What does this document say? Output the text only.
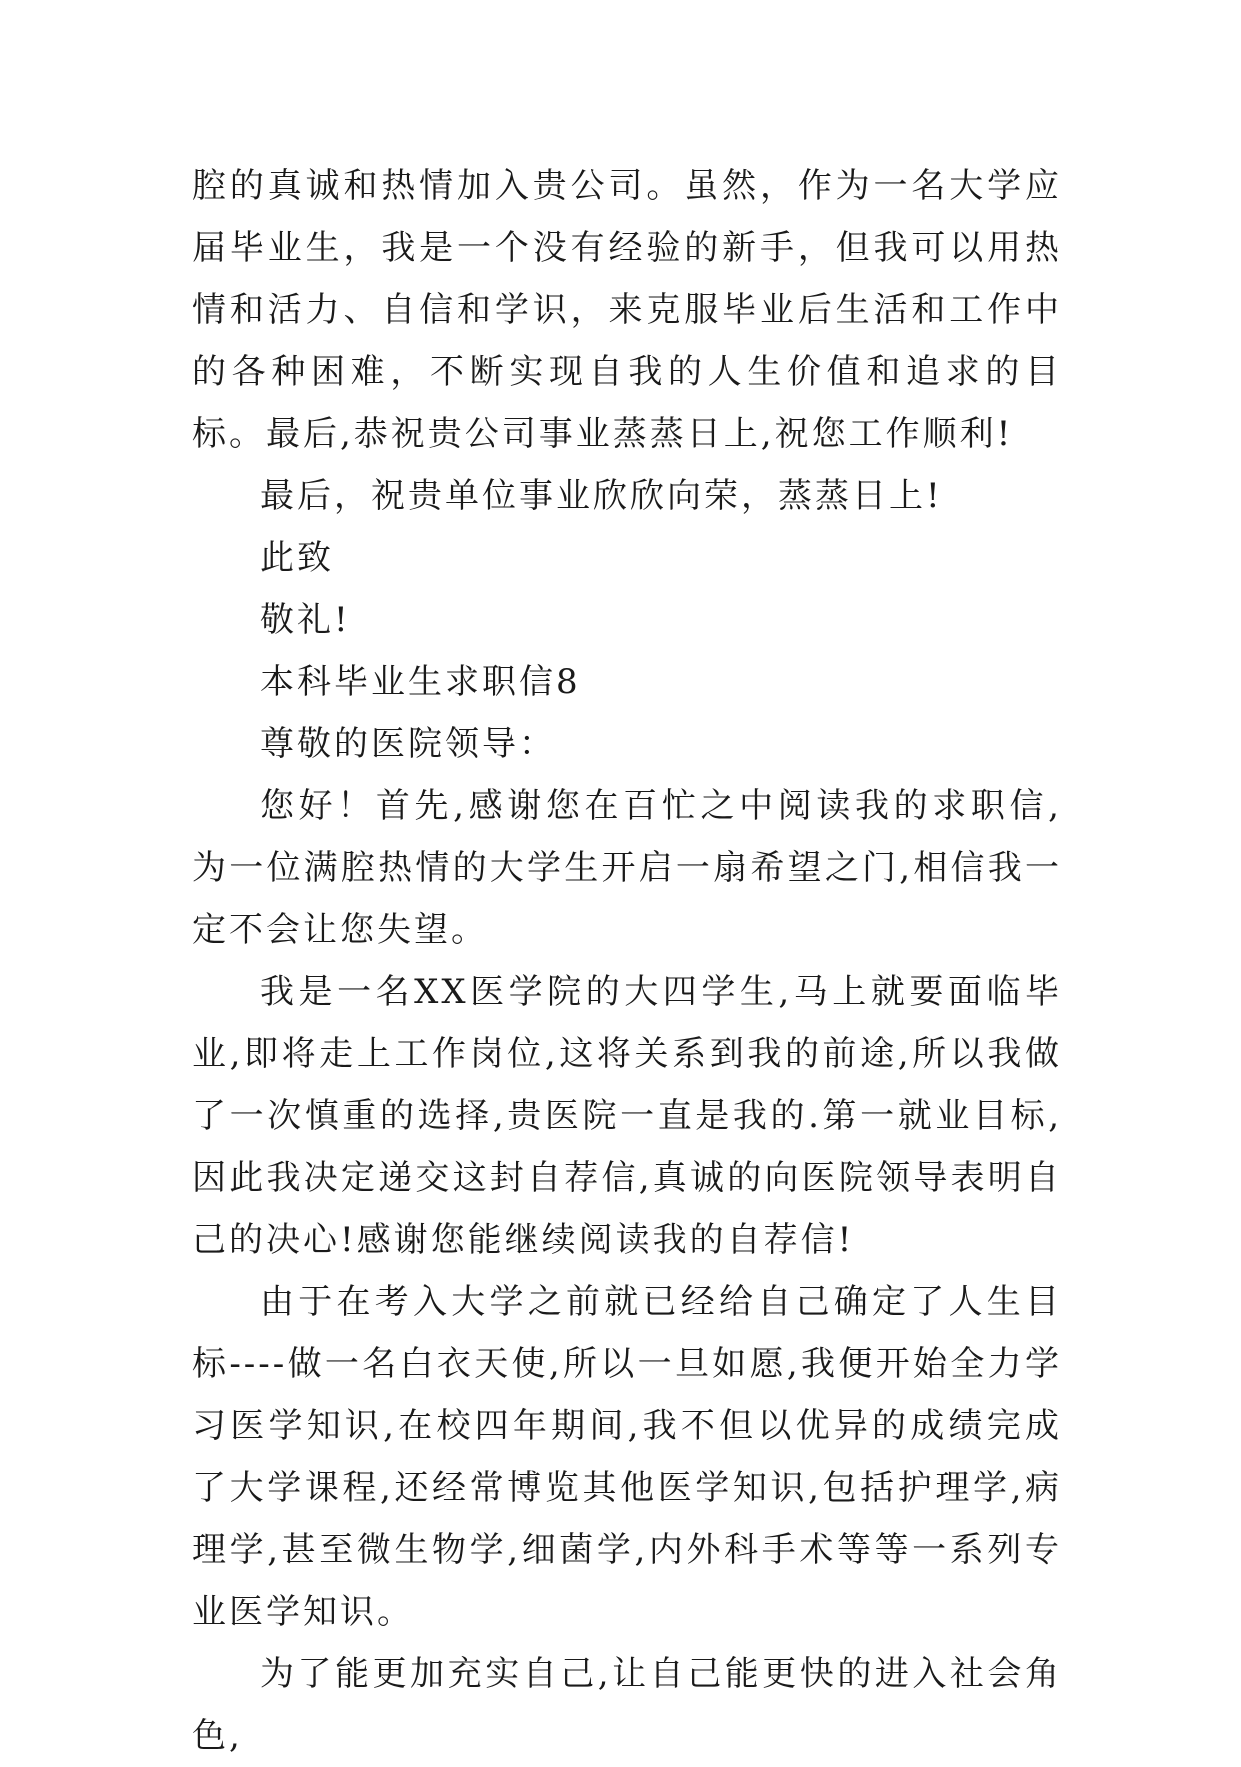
腔的真诚和热情加入贵公司。虽然，作为一名大学应届毕业生，我是一个没有经验的新手，但我可以用热情和活力、自信和学识，来克服毕业后生活和工作中的各种困难，不断实现自我的人生价值和追求的目标。最后,恭祝贵公司事业蒸蒸日上,祝您工作顺利!

最后，祝贵单位事业欣欣向荣，蒸蒸日上!

此致

敬礼!

本科毕业生求职信8

尊敬的医院领导：

您好！首先,感谢您在百忙之中阅读我的求职信,为一位满腔热情的大学生开启一扇希望之门,相信我一定不会让您失望。

我是一名XX医学院的大四学生,马上就要面临毕业,即将走上工作岗位,这将关系到我的前途,所以我做了一次慎重的选择,贵医院一直是我的.第一就业目标,因此我决定递交这封自荐信,真诚的向医院领导表明自己的决心!感谢您能继续阅读我的自荐信!

由于在考入大学之前就已经给自己确定了人生目标----做一名白衣天使,所以一旦如愿,我便开始全力学习医学知识,在校四年期间,我不但以优异的成绩完成了大学课程,还经常博览其他医学知识,包括护理学,病理学,甚至微生物学,细菌学,内外科手术等等一系列专业医学知识。

为了能更加充实自己,让自己能更快的进入社会角色,
